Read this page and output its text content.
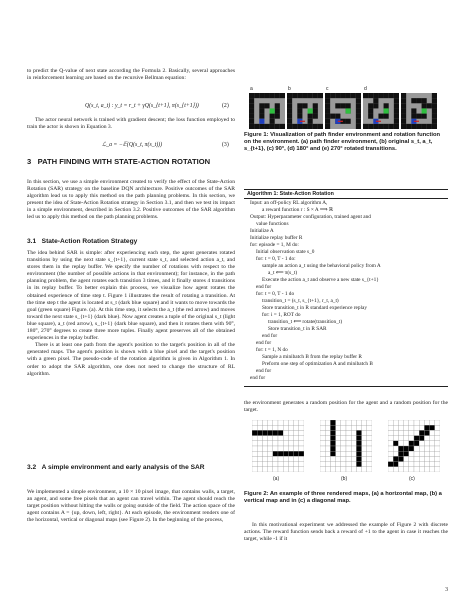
to predict the Q-value of next state according the Formula 2. Basically, several approaches in reinforcement learning are based on the recursive Bellman equation:

Q(s_t, a_t) : y_t = r_t + γQ(s_{t+1}, π(s_{t+1}))	(2)

The actor neural network is trained with gradient descent; the loss function employed to train the actor is shown in Equation 3.

ℒ_a = −𝔼(Q(s_t, π(s_t)))	(3)
3 PATH FINDING WITH STATE-ACTION ROTATION

In this section, we use a simple environment created to verify the effect of the State-Action Rotation (SAR) strategy on the baseline DQN architecture. Positive outcomes of the SAR algorithm lead us to apply this method on the path planning problems. In this section, we present the idea of State-Action Rotation strategy in Section 3.1, and then we test its impact in a simple environment, described in Section 3.2. Positive outcomes of the SAR algorithm led us to apply this method on the path planning problems.

3.1 State-Action Rotation Strategy

The idea behind SAR is simple: after experiencing each step, the agent generates rotated transitions by using the next state s_{t+1}, current state s_t, and selected action a_t, and stores them in the replay buffer. We specify the number of rotations with respect to the environment (the number of possible actions in that environment); for instance, in the path planning problem, the agent rotates each transition 3 times, and it finally stores 4 transitions in its replay buffer. To better explain this process, we visualize how agent rotates the obtained experience of time step t. Figure 1 illustrates the result of rotating a transition. At the time step t the agent is located at s_t (dark blue square) and it wants to move towards the goal (green square) Figure. (a). At this time step, it selects the a_t (the red arrow) and moves toward the next state s_{t+1} (dark blue). Now agent creates a tuple of the original s_t (light blue square), a_t (red arrow), s_{t+1} (dark blue square), and then it rotates them with 90°, 180°, 270° degrees to create three more tuples. Finally agent preserves all of the obtained experiences in the replay buffer.

There is at least one path from the agent's position to the target's position in all of the generated maps. The agent's position is shown with a blue pixel and the target's position with a green pixel. The pseudo-code of the rotation algorithm is given in Algorithm 1. In order to adopt the SAR algorithm, one does not need to change the structure of RL algorithm.

3.2 A simple environment and early analysis of the SAR

We implemented a simple environment, a 10 × 10 pixel image, that contains walls, a target, an agent, and some free pixels that an agent can travel within. The agent should reach the target position without hitting the walls or going outside of the field. The action space of the agent contains A = {up, down, left, right}. At each episode, the environment renders one of the horizontal, vertical or diagonal maps (see Figure 2). In the beginning of the process,

a	b	c	d
Figure 1: Visualization of path finder environment and rotation function on the environment. (a) path finder environment, (b) original s_t, a_t, s_{t+1}, (c) 90°, (d) 180° and (e) 270° rotated transitions.
Algorithm 1: State-Action Rotation
Input: an off-policy RL algorithm A,
a reward function r : S × A ⟹ ℝ
Output: Hyperparameter configuration, trained agent and
value functions
Initialize A
Initialize replay buffer R
for: episode = 1, M do:
Initial observation state s_0
for: t = 0, T - 1 do:
sample an action a_t using the behavioral policy from A
a_t ⟸ π(s_t)
Execute the action a_t and observe a new state s_{t+1}
end for
for: t = 0, T - 1 do
transition_t = (s_t, s_{t+1}, r_t, a_t)
Store transition_t in R standard experience replay
for: i = 1, ROT do
transition_t ⟸ rotate(transition_t)
Store transition_t in R SAR
end for
end for
for: t = 1, N do
Sample a minibatch B from the replay buffer R
Preform one step of optimization A and minibatch B
end for
end for

the environment generates a random position for the agent and a random position for the target.

(a)	(b)	(c)
Figure 2: An example of three rendered maps, (a) a horizontal map, (b) a vertical map and in (c) a diagonal map.

In this motivational experiment we addressed the example of Figure 2 with discrete actions. The reward function sends back a reward of +1 to the agent in case it reaches the target, while -1 if it

3
